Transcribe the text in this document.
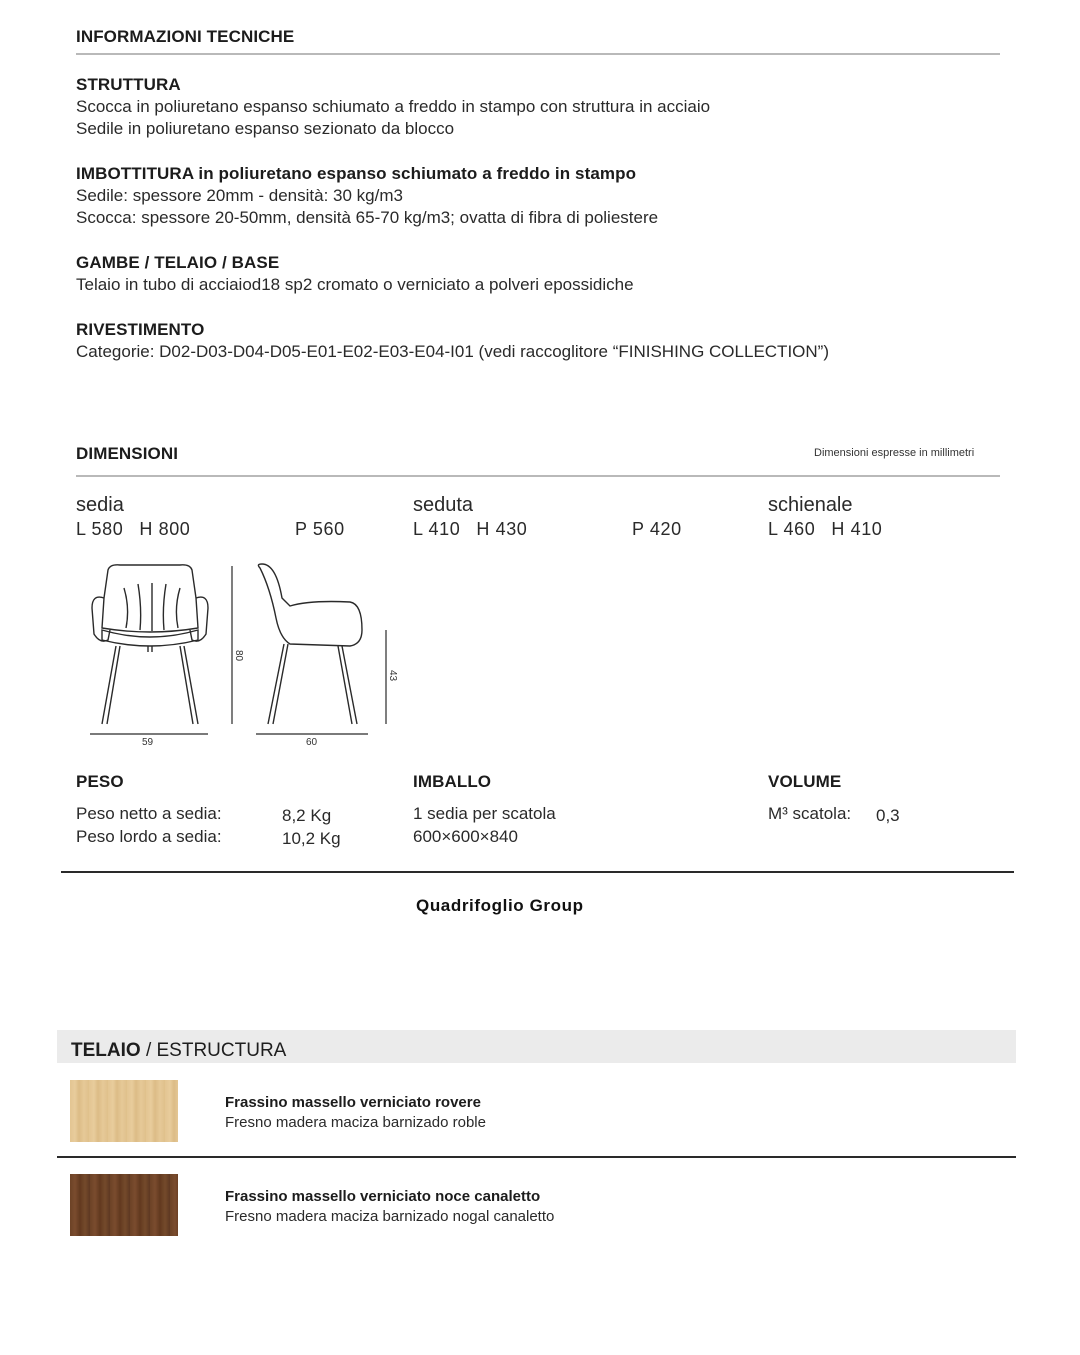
INFORMAZIONI TECNICHE
STRUTTURA
Scocca in poliuretano espanso schiumato a freddo in stampo con struttura in acciaio
Sedile in poliuretano espanso sezionato da blocco
IMBOTTITURA in poliuretano espanso schiumato a freddo in stampo
Sedile: spessore 20mm - densità: 30 kg/m3
Scocca: spessore 20-50mm, densità 65-70 kg/m3; ovatta di fibra di poliestere
GAMBE / TELAIO / BASE
Telaio in tubo di acciaiod18 sp2 cromato o verniciato a polveri epossidiche
RIVESTIMENTO
Categorie: D02-D03-D04-D05-E01-E02-E03-E04-I01 (vedi raccoglitore “FINISHING COLLECTION”)
DIMENSIONI	Dimensioni espresse in millimetri
sedia
L 580 H 800	P 560
seduta
L 410 H 430	P 420
schienale
L 460 H 410
59	60
80
43
PESO
Peso netto a sedia:	8,2 Kg
Peso lordo a sedia:	10,2 Kg
IMBALLO
1 sedia per scatola
600×600×840
VOLUME
M³ scatola: 0,3
Quadrifoglio Group
TELAIO / ESTRUCTURA
Frassino massello verniciato rovere
Fresno madera maciza barnizado roble
Frassino massello verniciato noce canaletto
Fresno madera maciza barnizado nogal canaletto
